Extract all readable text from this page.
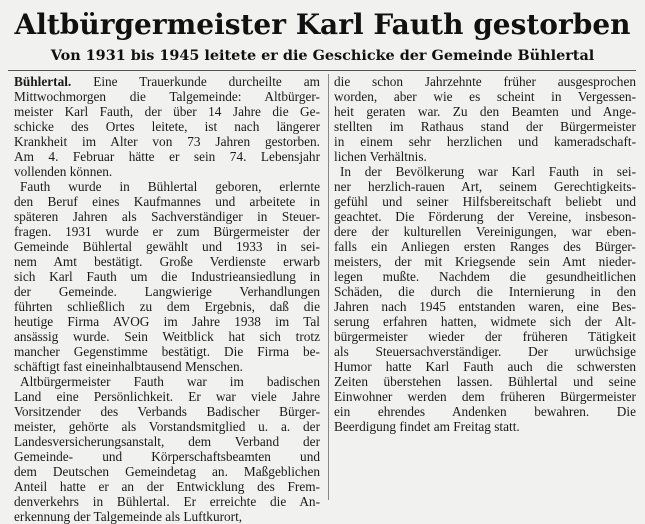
Altbürgermeister Karl Fauth gestorben
Von 1931 bis 1945 leitete er die Geschicke der Gemeinde Bühlertal
Bühlertal. Eine Trauerkunde durcheilte am
Mittwochmorgen die Talgemeinde: Altbürger-
meister Karl Fauth, der über 14 Jahre die Ge-
schicke des Ortes leitete, ist nach längerer
Krankheit im Alter von 73 Jahren gestorben.
Am 4. Februar hätte er sein 74. Lebensjahr
vollenden können.
Fauth wurde in Bühlertal geboren, erlernte
den Beruf eines Kaufmannes und arbeitete in
späteren Jahren als Sachverständiger in Steuer-
fragen. 1931 wurde er zum Bürgermeister der
Gemeinde Bühlertal gewählt und 1933 in sei-
nem Amt bestätigt. Große Verdienste erwarb
sich Karl Fauth um die Industrieansiedlung in
der Gemeinde. Langwierige Verhandlungen
führten schließlich zu dem Ergebnis, daß die
heutige Firma AVOG im Jahre 1938 im Tal
ansässig wurde. Sein Weitblick hat sich trotz
mancher Gegenstimme bestätigt. Die Firma be-
schäftigt fast eineinhalbtausend Menschen.
Altbürgermeister Fauth war im badischen
Land eine Persönlichkeit. Er war viele Jahre
Vorsitzender des Verbands Badischer Bürger-
meister, gehörte als Vorstandsmitglied u. a. der
Landesversicherungsanstalt, dem Verband der
Gemeinde- und Körperschaftsbeamten und
dem Deutschen Gemeindetag an. Maßgeblichen
Anteil hatte er an der Entwicklung des Frem-
denverkehrs in Bühlertal. Er erreichte die An-
erkennung der Talgemeinde als Luftkurort,
die schon Jahrzehnte früher ausgesprochen
worden, aber wie es scheint in Vergessen-
heit geraten war. Zu den Beamten und Ange-
stellten im Rathaus stand der Bürgermeister
in einem sehr herzlichen und kameradschaft-
lichen Verhältnis.
In der Bevölkerung war Karl Fauth in sei-
ner herzlich-rauen Art, seinem Gerechtigkeits-
gefühl und seiner Hilfsbereitschaft beliebt und
geachtet. Die Förderung der Vereine, insbeson-
dere der kulturellen Vereinigungen, war eben-
falls ein Anliegen ersten Ranges des Bürger-
meisters, der mit Kriegsende sein Amt nieder-
legen mußte. Nachdem die gesundheitlichen
Schäden, die durch die Internierung in den
Jahren nach 1945 entstanden waren, eine Bes-
serung erfahren hatten, widmete sich der Alt-
bürgermeister wieder der früheren Tätigkeit
als Steuersachverständiger. Der urwüchsige
Humor hatte Karl Fauth auch die schwersten
Zeiten überstehen lassen. Bühlertal und seine
Einwohner werden dem früheren Bürgermeister
ein ehrendes Andenken bewahren. Die
Beerdigung findet am Freitag statt.
